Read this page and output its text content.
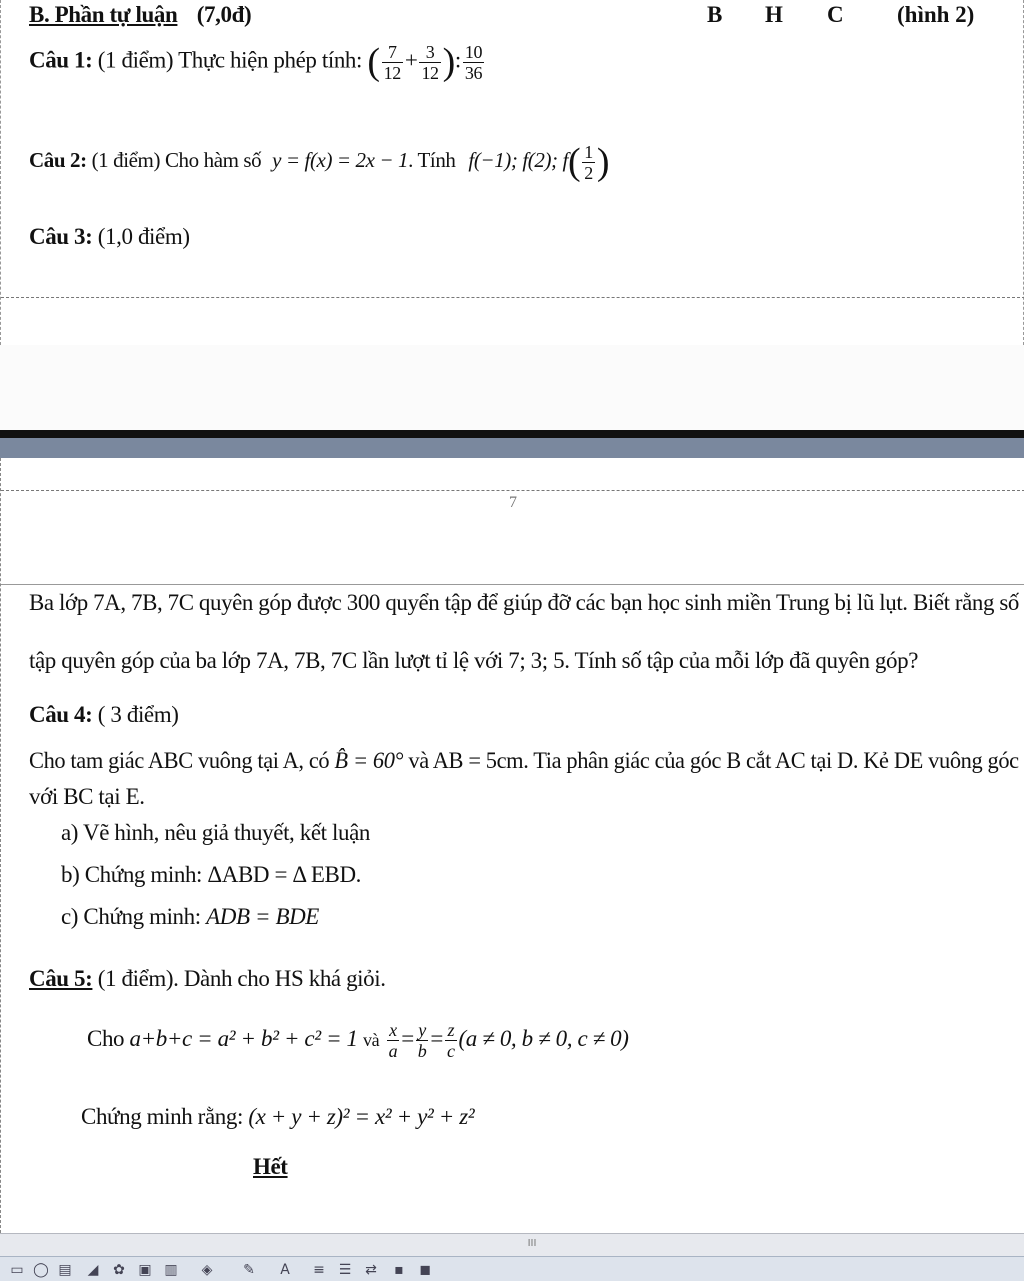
B. Phần tự luận (7,0đ)	B H C (hình 2)
Câu 1: (1 điểm) Thực hiện phép tính: ( $\frac{7}{12} + \frac{3}{12}$ ): $\frac{10}{36}$
Câu 2: (1 điểm) Cho hàm số y = f(x) = 2x − 1. Tính f(−1); f(2); $f( \frac{1}{2}$ )
Câu 3: (1,0 điểm)
7
Ba lớp 7A, 7B, 7C quyên góp được 300 quyển tập để giúp đỡ các bạn học sinh miền Trung bị lũ lụt. Biết rằng số
tập quyên góp của ba lớp 7A, 7B, 7C lần lượt tỉ lệ với 7; 3; 5. Tính số tập của mỗi lớp đã quyên góp?
Câu 4: ( 3 điểm)
Cho tam giác ABC vuông tại A, có B̂ = 60° và AB = 5cm. Tia phân giác của góc B cắt AC tại D. Kẻ DE vuông góc
với BC tại E.
a) Vẽ hình, nêu giả thuyết, kết luận
b) Chứng minh: ΔABD = Δ EBD.
c) Chứng minh: ADB = BDE
Câu 5: (1 điểm). Dành cho HS khá giỏi.
Cho a+b+c = a² + b² + c² = 1 và $\frac{x}{a} = \frac{y}{b} = \frac{z}{c} (a \ne 0$, b ≠ 0, c ≠ 0)
Chứng minh rằng: (x + y + z)² = x² + y² + z²
Hết
III
▭ ◯ ▤ ◢ ✿ ▣ ▥ ◈ ✎	A	≡ ☰ ⇄	▪	◼
